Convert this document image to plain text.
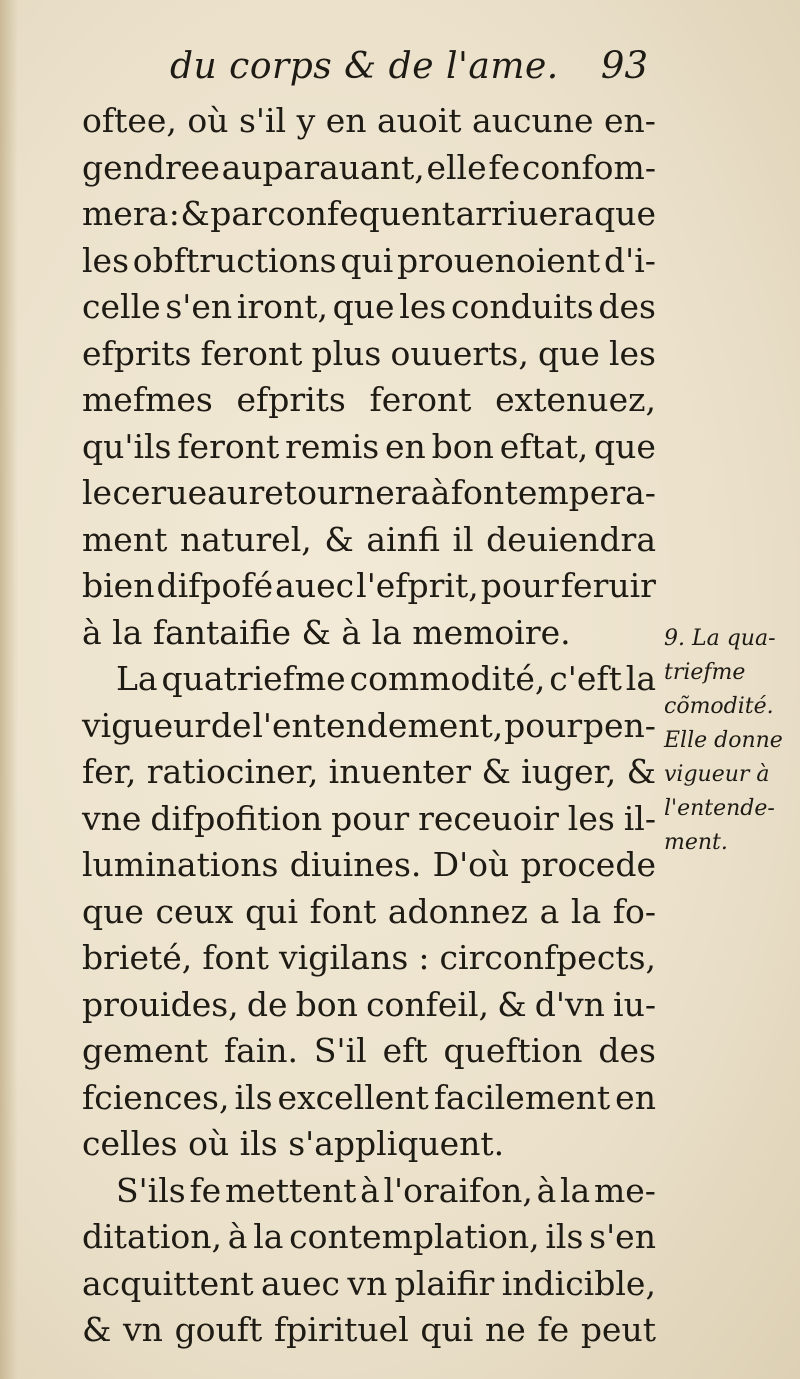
du corps & de l'ame. 93
oftee, où s'il y en auoit aucune en-
gendree auparauant, elle fe confom-
mera : & par confequent arriuera que
les obftructions qui prouenoient d'i-
celle s'en iront, que les conduits des
efprits feront plus ouuerts, que les
mefmes efprits feront extenuez,
qu'ils feront remis en bon eftat, que
le cerueau retournera à fon tempera-
ment naturel, & ainfi il deuiendra
bien difpofé auec l'efprit, pour feruir
à la fantaifie & à la memoire.
La quatriefme commodité, c'eft la
vigueur de l'entendement, pour pen-
fer, ratiociner, inuenter & iuger, &
vne difpofition pour receuoir les il-
luminations diuines. D'où procede
que ceux qui font adonnez a la fo-
brieté, font vigilans : circonfpects,
prouides, de bon confeil, & d'vn iu-
gement fain. S'il eft queftion des
fciences, ils excellent facilement en
celles où ils s'appliquent.
S'ils fe mettent à l'oraifon, à la me-
ditation, à la contemplation, ils s'en
acquittent auec vn plaifir indicible,
& vn gouft fpirituel qui ne fe peut
9. La qua-
triefme
cõmodité.
Elle donne
vigueur à
l'entende-
ment.
